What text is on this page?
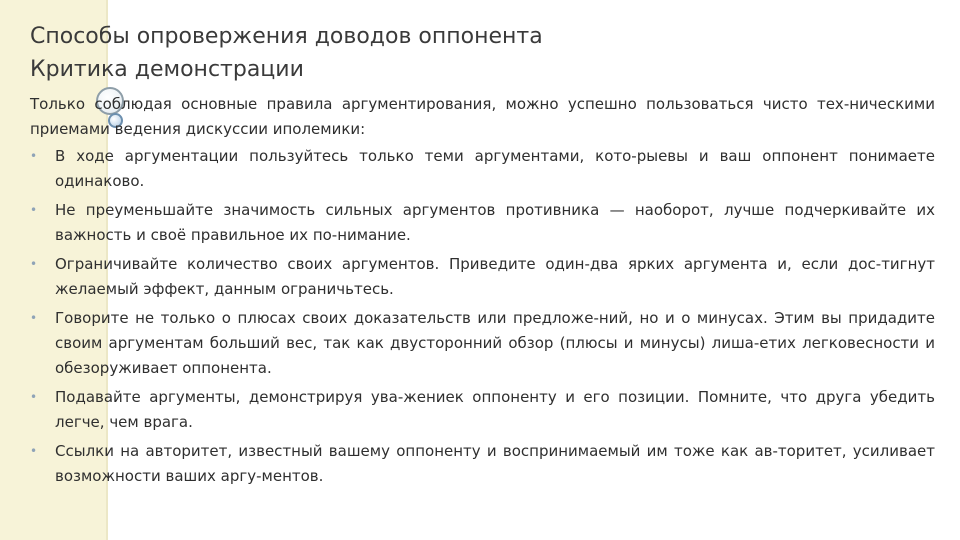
Способы опровержения доводов оппонента
Критика демонстрации

Только соблюдая основные правила аргументирования, можно успешно пользоваться чисто тех-ническими приемами ведения дискуссии иполемики:

•	В ходе аргументации пользуйтесь только теми аргументами, кото-рыевы и ваш оппонент понимаете одинаково.
•	Не преуменьшайте значимость сильных аргументов противника — наоборот, лучше подчеркивайте их важность и своё правильное их по-нимание.
•	Ограничивайте количество своих аргументов. Приведите один-два ярких аргумента и, если дос-тигнут желаемый эффект, данным ограничьтесь.
•	Говорите не только о плюсах своих доказательств или предложе-ний, но и о минусах. Этим вы придадите своим аргументам больший вес, так как двусторонний обзор (плюсы и минусы) лиша-етих легковесности и обезоруживает оппонента.
•	Подавайте аргументы, демонстрируя ува-жениек оппоненту и его позиции. Помните, что друга убедить легче, чем врага.
•	Ссылки на авторитет, известный вашему оппоненту и воспринимаемый им тоже как ав-торитет, усиливает возможности ваших аргу-ментов.
